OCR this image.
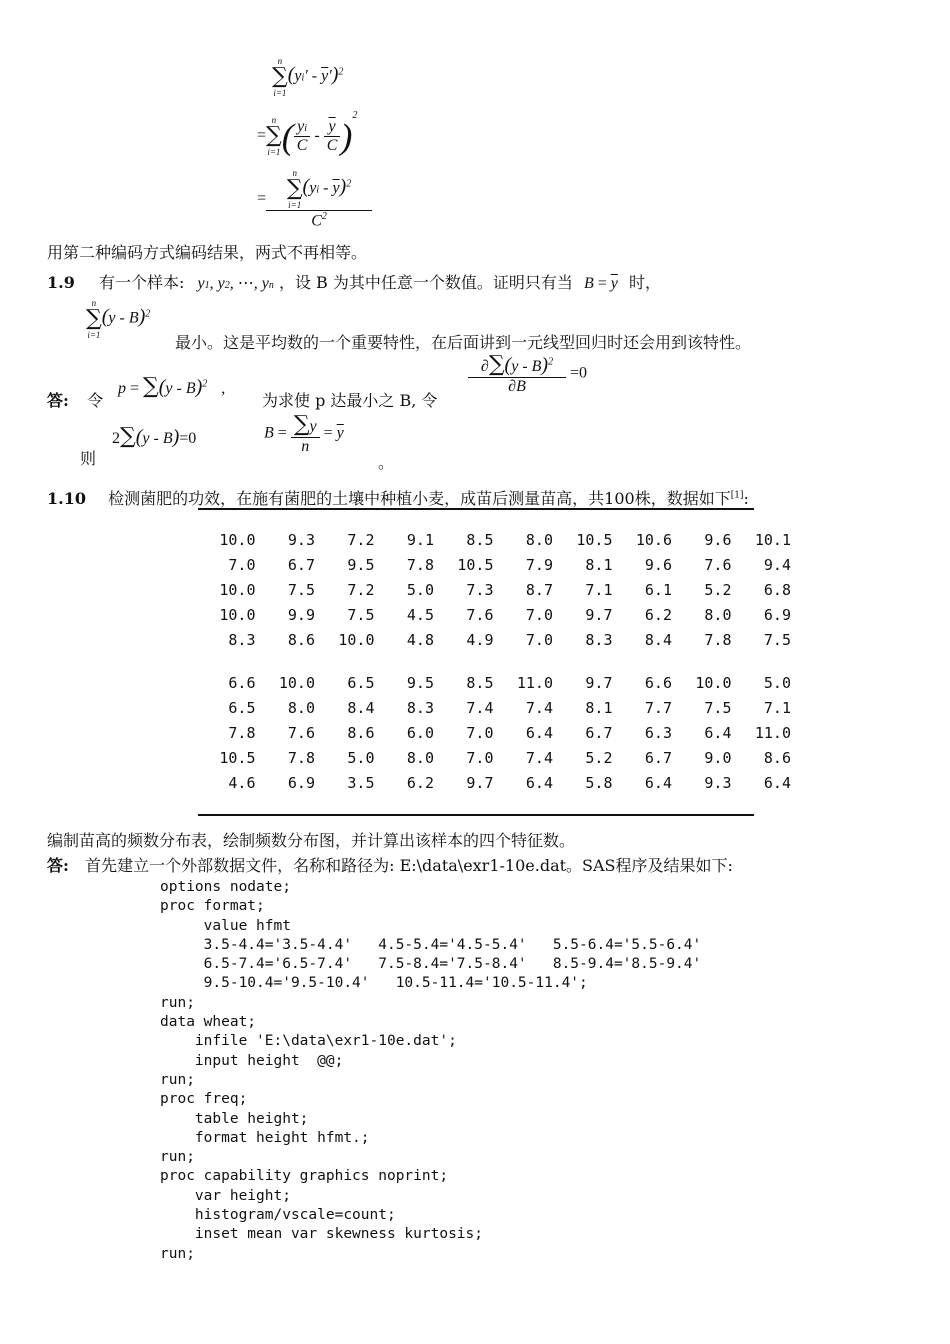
n
∑
i=1
$(yi' - \overline{y}')^2$
=
n
∑
i=1 ( $\frac{yi}{C} - \frac{\overline{y}}{C} )^2$
= n
∑
i=1
$(yi - \overline{y})^2$
$C^2$
用第二种编码方式编码结果，两式不再相等。
1.9 有一个样本: y1, y2, ⋯, yn ，设 B 为其中任意一个数值。证明只有当 $B = \overline{y}$ 时，
n
∑
i=1
(y - B)$^2$
最小。这是平均数的一个重要特性，在后面讲到一元线型回归时还会用到该特性。
答: 令
p = ∑(y - B)$^2$ ,
为求使 p 达最小之 B, 令
$\frac{\partial\sum(y - B)^2}{\partial B} =0$
则
2∑(y - B)=0	$B = \frac{\sum y}{n} = \overline{y}$
。
1.10 检测菌肥的功效，在施有菌肥的土壤中种植小麦，成苗后测量苗高，共100株，数据如下[1]:
10.0	9.3	7.2	9.1	8.5	8.0	10.5	10.6	9.6	10.1
7.0	6.7	9.5	7.8	10.5	7.9	8.1	9.6	7.6	9.4
10.0	7.5	7.2	5.0	7.3	8.7	7.1	6.1	5.2	6.8
10.0	9.9	7.5	4.5	7.6	7.0	9.7	6.2	8.0	6.9
8.3	8.6	10.0	4.8	4.9	7.0	8.3	8.4	7.8	7.5
6.6	10.0	6.5	9.5	8.5	11.0	9.7	6.6	10.0	5.0
6.5	8.0	8.4	8.3	7.4	7.4	8.1	7.7	7.5	7.1
7.8	7.6	8.6	6.0	7.0	6.4	6.7	6.3	6.4	11.0
10.5	7.8	5.0	8.0	7.0	7.4	5.2	6.7	9.0	8.6
4.6	6.9	3.5	6.2	9.7	6.4	5.8	6.4	9.3	6.4
编制苗高的频数分布表，绘制频数分布图，并计算出该样本的四个特征数。
答: 首先建立一个外部数据文件，名称和路径为: E:\data\exr1-10e.dat。SAS程序及结果如下:
options nodate;
proc format;
value hfmt
3.5-4.4='3.5-4.4'   4.5-5.4='4.5-5.4'   5.5-6.4='5.5-6.4'
6.5-7.4='6.5-7.4'   7.5-8.4='7.5-8.4'   8.5-9.4='8.5-9.4'
9.5-10.4='9.5-10.4'   10.5-11.4='10.5-11.4';
run;
data wheat;
infile 'E:\data\exr1-10e.dat';
input height  @@;
run;
proc freq;
table height;
format height hfmt.;
run;
proc capability graphics noprint;
var height;
histogram/vscale=count;
inset mean var skewness kurtosis;
run;
